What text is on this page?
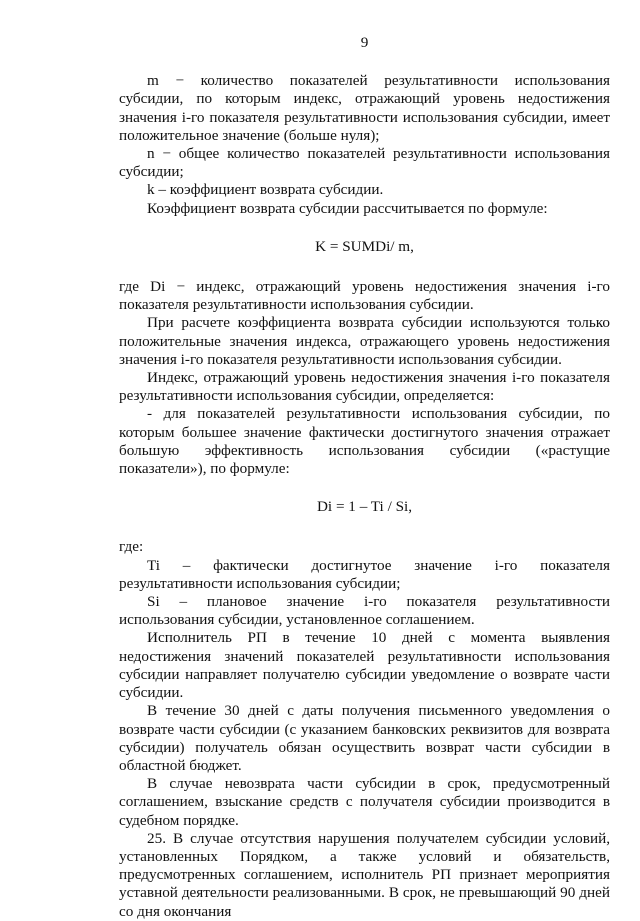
9

m − количество показателей результативности использования субсидии, по которым индекс, отражающий уровень недостижения значения i-го показателя результативности использования субсидии, имеет положительное значение (больше нуля);

n − общее количество показателей результативности использования субсидии;

k – коэффициент возврата субсидии.

Коэффициент возврата субсидии рассчитывается по формуле:

K = SUMDi/ m,

где Di − индекс, отражающий уровень недостижения значения i-го показателя результативности использования субсидии.

При расчете коэффициента возврата субсидии используются только положительные значения индекса, отражающего уровень недостижения значения i-го показателя результативности использования субсидии.

Индекс, отражающий уровень недостижения значения i-го показателя результативности использования субсидии, определяется:

- для показателей результативности использования субсидии, по которым большее значение фактически достигнутого значения отражает большую эффективность использования субсидии («растущие показатели»), по формуле:

Di = 1 – Ti / Si,

где:

Ti – фактически достигнутое значение i-го показателя результативности использования субсидии;

Si – плановое значение i-го показателя результативности использования субсидии, установленное соглашением.

Исполнитель РП в течение 10 дней с момента выявления недостижения значений показателей результативности использования субсидии направляет получателю субсидии уведомление о возврате части субсидии.

В течение 30 дней с даты получения письменного уведомления о возврате части субсидии (с указанием банковских реквизитов для возврата субсидии) получатель обязан осуществить возврат части субсидии в областной бюджет.

В случае невозврата части субсидии в срок, предусмотренный соглашением, взыскание средств с получателя субсидии производится в судебном порядке.

25. В случае отсутствия нарушения получателем субсидии условий, установленных Порядком, а также условий и обязательств, предусмотренных соглашением, исполнитель РП признает мероприятия уставной деятельности реализованными. В срок, не превышающий 90 дней со дня окончания
